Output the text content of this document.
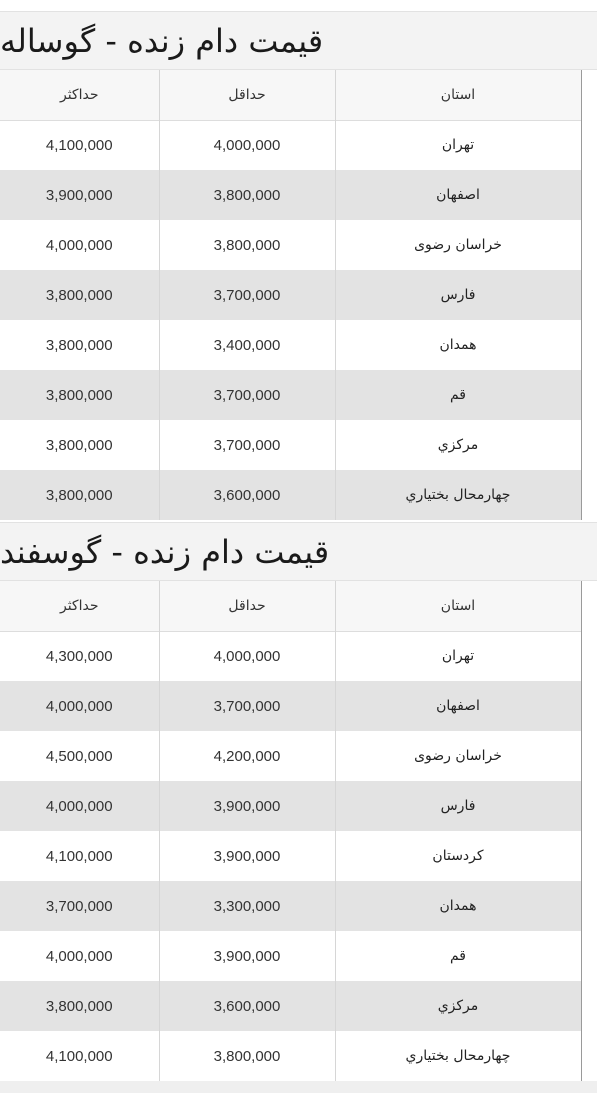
قیمت دام زنده - گوساله
حداکثر	حداقل	استان
4,100,000	4,000,000	تهران
3,900,000	3,800,000	اصفهان
4,000,000	3,800,000	خراسان رضوی
3,800,000	3,700,000	فارس
3,800,000	3,400,000	همدان
3,800,000	3,700,000	قم
3,800,000	3,700,000	مرکزي
3,800,000	3,600,000	چهارمحال بختياري
قیمت دام زنده - گوسفند
حداکثر	حداقل	استان
4,300,000	4,000,000	تهران
4,000,000	3,700,000	اصفهان
4,500,000	4,200,000	خراسان رضوی
4,000,000	3,900,000	فارس
4,100,000	3,900,000	کردستان
3,700,000	3,300,000	همدان
4,000,000	3,900,000	قم
3,800,000	3,600,000	مرکزي
4,100,000	3,800,000	چهارمحال بختياري
